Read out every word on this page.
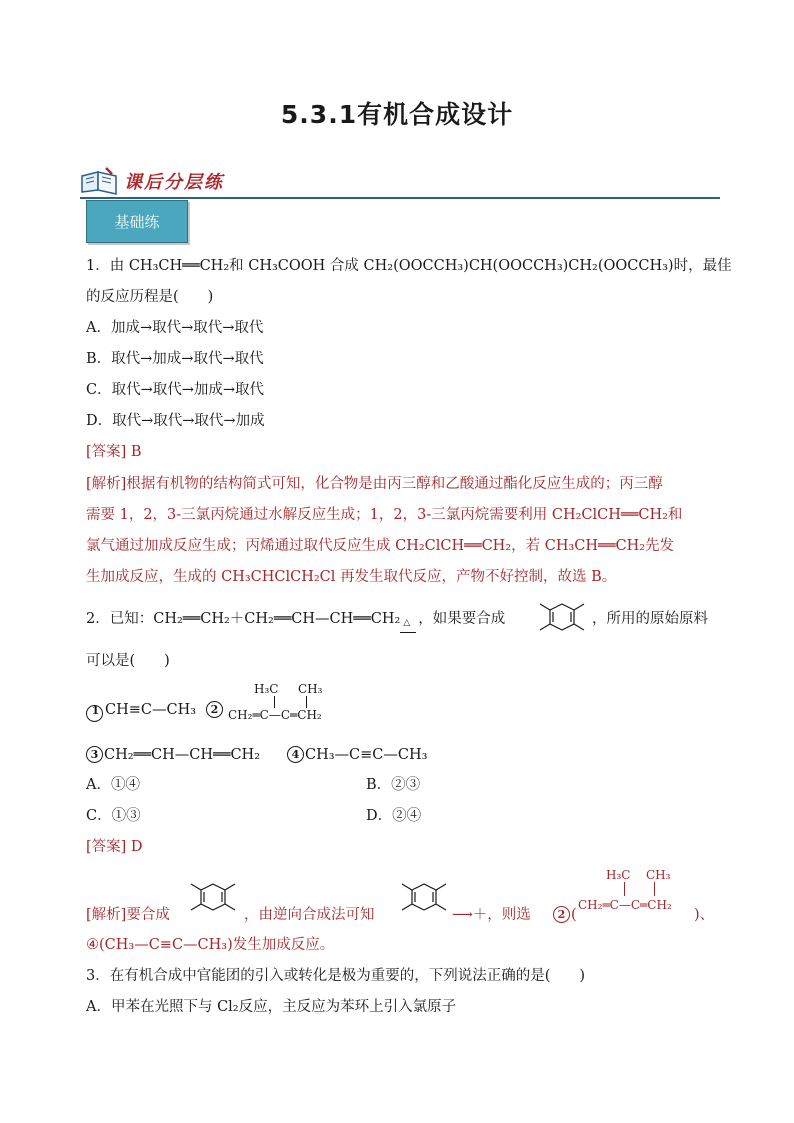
5.3.1有机合成设计
课后分层练
基础练
1．由 CH₃CH══CH₂和 CH₃COOH 合成 CH₂(OOCCH₃)CH(OOCCH₃)CH₂(OOCCH₃)时，最佳
的反应历程是(　　)
A．加成→取代→取代→取代
B．取代→加成→取代→取代
C．取代→取代→加成→取代
D．取代→取代→取代→加成
[答案] B
[解析]根据有机物的结构简式可知，化合物是由丙三醇和乙酸通过酯化反应生成的；丙三醇
需要 1，2，3-三氯丙烷通过水解反应生成；1，2，3-三氯丙烷需要利用 CH₂ClCH══CH₂和
氯气通过加成反应生成；丙烯通过取代反应生成 CH₂ClCH══CH₂，若 CH₃CH══CH₂先发
生加成反应，生成的 CH₃CHClCH₂Cl 再发生取代反应，产物不好控制，故选 B。
2．已知：CH₂══CH₂＋CH₂══CH—CH══CH₂ △ ，如果要合成	，所用的原始原料
可以是(　　)
1 CH≡C—CH₃	2
H₃C CH₃
CH₂═C—C═CH₂
3 CH₂══CH—CH══CH₂	4 CH₃—C≡C—CH₃
A．①④	B．②③
C．①③	D．②④
[答案] D
[解析]要合成	，由逆向合成法可知	⟶＋，则选	2 (
H₃C CH₃
CH₂═C—C═CH₂
)、
④(CH₃—C≡C—CH₃)发生加成反应。
3．在有机合成中官能团的引入或转化是极为重要的，下列说法正确的是(　　)
A．甲苯在光照下与 Cl₂反应，主反应为苯环上引入氯原子
